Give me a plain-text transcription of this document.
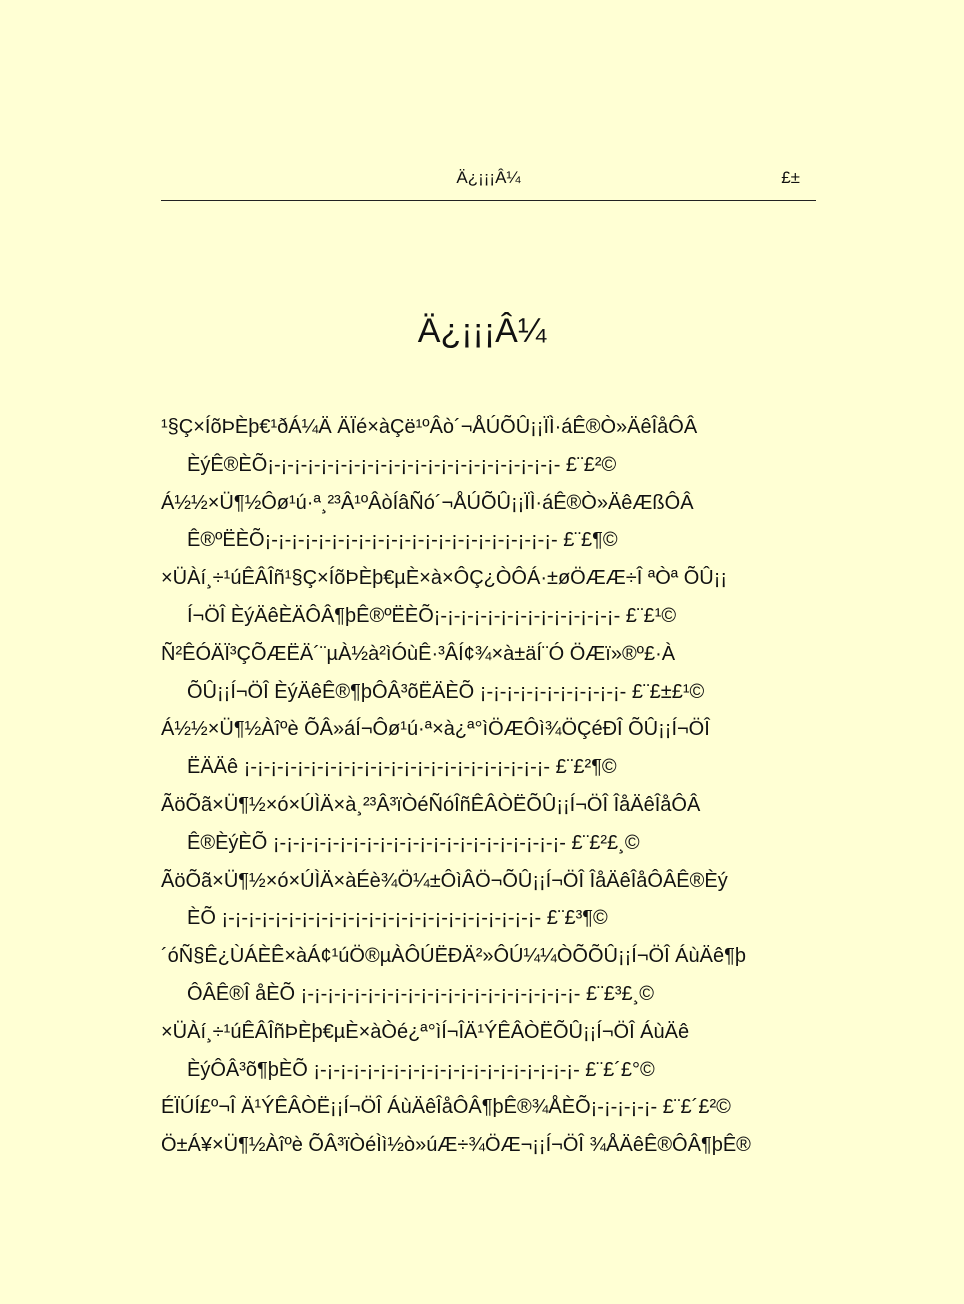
Ä¿¡¡¡Â¼	£±
Ä¿¡¡¡Â¼
¹§Ç×ÍõÞÈþ€¹ðÁ¼Ä ÄÏé×àÇë¹ºÂò´¬ÅÚÕÛ¡¡ÏÌ·áÊ®Ò»ÄêÎåÔÂ
ÈýÊ®ÈÕ¡-¡-¡-¡-¡-¡-¡-¡-¡-¡-¡-¡-¡-¡-¡-¡-¡-¡-¡-¡-¡-¡- £¨£²©
Á½½×Ü¶½Ôø¹ú·ª¸²³Â¹ºÂòÍâÑó´¬ÅÚÕÛ¡¡ÏÌ·áÊ®Ò»ÄêÆßÔÂ
Ê®ºËÈÕ¡-¡-¡-¡-¡-¡-¡-¡-¡-¡-¡-¡-¡-¡-¡-¡-¡-¡-¡-¡-¡-¡- £¨£¶©
×ÜÀí¸÷¹úÊÂÎñ¹§Ç×ÍõÞÈþ€µÈ×à×ÔÇ¿ÒÔÁ·±øÖÆÆ÷Î ªÒª ÕÛ¡¡
Í¬ÖÎ ÈýÄêÈÄÔÂ¶þÊ®ºËÈÕ¡-¡-¡-¡-¡-¡-¡-¡-¡-¡-¡-¡-¡-¡- £¨£¹©
Ñ²ÊÓÄÏ³ÇÕÆËÄ´¨µÀ½à²ìÓùÊ·³ÂÍ¢¾×à±äÍ¨Ó ÖÆï»®º£·À
ÕÛ¡¡Í¬ÖÎ ÈýÄêÊ®¶þÔÂ³õËÄÈÕ ¡-¡-¡-¡-¡-¡-¡-¡-¡-¡-¡- £¨£±£¹©
Á½½×Ü¶½Àîºè ÕÂ»áÍ¬Ôø¹ú·ª×à¿ª°ìÖÆÔì¾ÖÇéÐÎ ÕÛ¡¡Í¬ÖÎ
ËÄÄê ¡-¡-¡-¡-¡-¡-¡-¡-¡-¡-¡-¡-¡-¡-¡-¡-¡-¡-¡-¡-¡-¡-¡- £¨£²¶©
ÃöÕã×Ü¶½×ó×ÚÌÄ×à¸²³Â³ïÒéÑóÎñÊÂÒËÕÛ¡¡Í¬ÖÎ ÎåÄêÎåÔÂ
Ê®ÈýÈÕ ¡-¡-¡-¡-¡-¡-¡-¡-¡-¡-¡-¡-¡-¡-¡-¡-¡-¡-¡-¡-¡-¡- £¨£²£¸©
ÃöÕã×Ü¶½×ó×ÚÌÄ×àÉè¾Ö¼±ÔìÂÖ¬ÕÛ¡¡Í¬ÖÎ ÎåÄêÎåÔÂÊ®Èý
ÈÕ ¡-¡-¡-¡-¡-¡-¡-¡-¡-¡-¡-¡-¡-¡-¡-¡-¡-¡-¡-¡-¡-¡-¡-¡- £¨£³¶©
´óÑ§Ê¿ÙÁÈÊ×àÁ¢¹úÖ®µÀÔÚËÐÄ²»ÔÚ¼¼ÒÕÕÛ¡¡Í¬ÖÎ ÁùÄê¶þ
ÔÂÊ®Î åÈÕ ¡-¡-¡-¡-¡-¡-¡-¡-¡-¡-¡-¡-¡-¡-¡-¡-¡-¡-¡-¡-¡- £¨£³£¸©
×ÜÀí¸÷¹úÊÂÎñÞÈþ€µÈ×àÒé¿ª°ìÍ¬ÎÄ¹ÝÊÂÒËÕÛ¡¡Í¬ÖÎ ÁùÄê
ÈýÔÂ³õ¶þÈÕ ¡-¡-¡-¡-¡-¡-¡-¡-¡-¡-¡-¡-¡-¡-¡-¡-¡-¡-¡-¡- £¨£´£°©
ÉÏÚÍ£º¬Î Ä¹ÝÊÂÒË¡¡Í¬ÖÎ ÁùÄêÎåÔÂ¶þÊ®¾ÅÈÕ¡-¡-¡-¡-¡- £¨£´£²©
Ö±Á¥×Ü¶½Àîºè ÕÂ³ïÒéÌì½ò»úÆ÷¾ÖÆ¬¡¡Í¬ÖÎ ¾ÅÄêÊ®ÔÂ¶þÊ®
